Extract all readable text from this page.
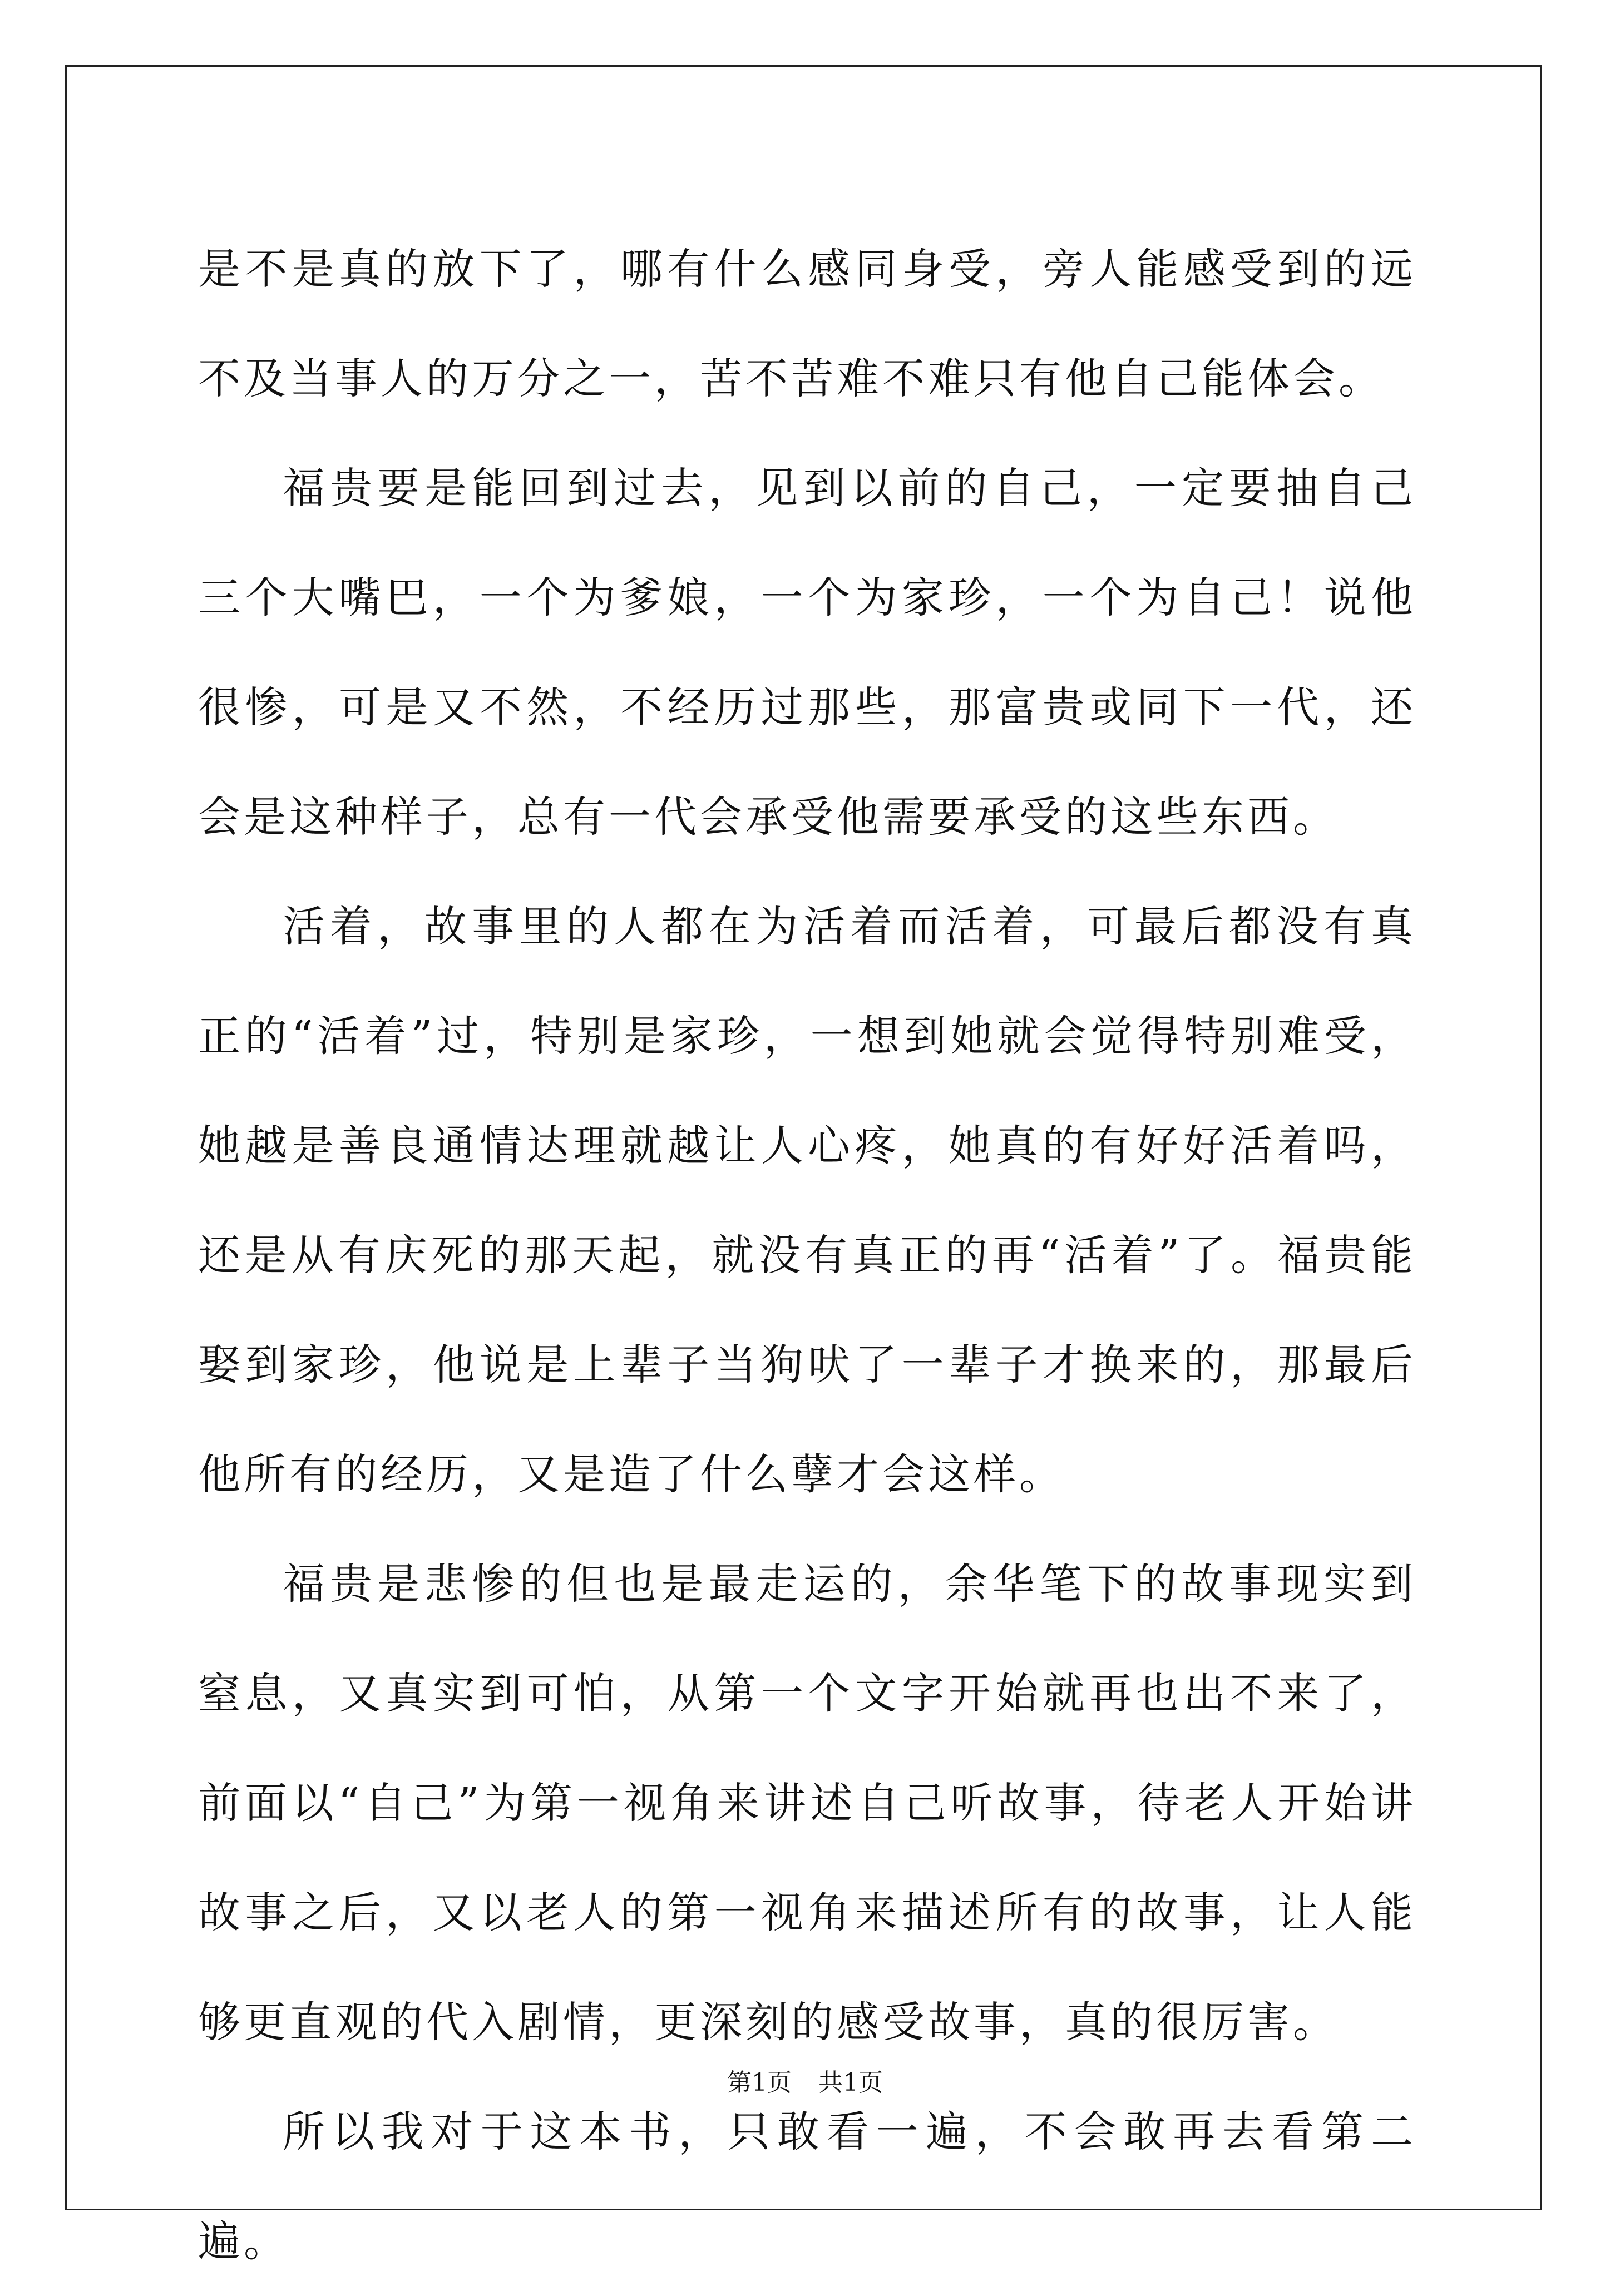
是不是真的放下了，哪有什么感同身受，旁人能感受到的远不及当事人的万分之一，苦不苦难不难只有他自己能体会。

福贵要是能回到过去，见到以前的自己，一定要抽自己三个大嘴巴，一个为爹娘，一个为家珍，一个为自己！说他很惨，可是又不然，不经历过那些，那富贵或同下一代，还会是这种样子，总有一代会承受他需要承受的这些东西。

活着，故事里的人都在为活着而活着，可最后都没有真正的“活着”过，特别是家珍，一想到她就会觉得特别难受，她越是善良通情达理就越让人心疼，她真的有好好活着吗，还是从有庆死的那天起，就没有真正的再“活着”了。福贵能娶到家珍，他说是上辈子当狗吠了一辈子才换来的，那最后他所有的经历，又是造了什么孽才会这样。

福贵是悲惨的但也是最走运的，余华笔下的故事现实到窒息，又真实到可怕，从第一个文字开始就再也出不来了，前面以“自己”为第一视角来讲述自己听故事，待老人开始讲故事之后，又以老人的第一视角来描述所有的故事，让人能够更直观的代入剧情，更深刻的感受故事，真的很厉害。

所以我对于这本书，只敢看一遍，不会敢再去看第二遍。

第1页 共1页
